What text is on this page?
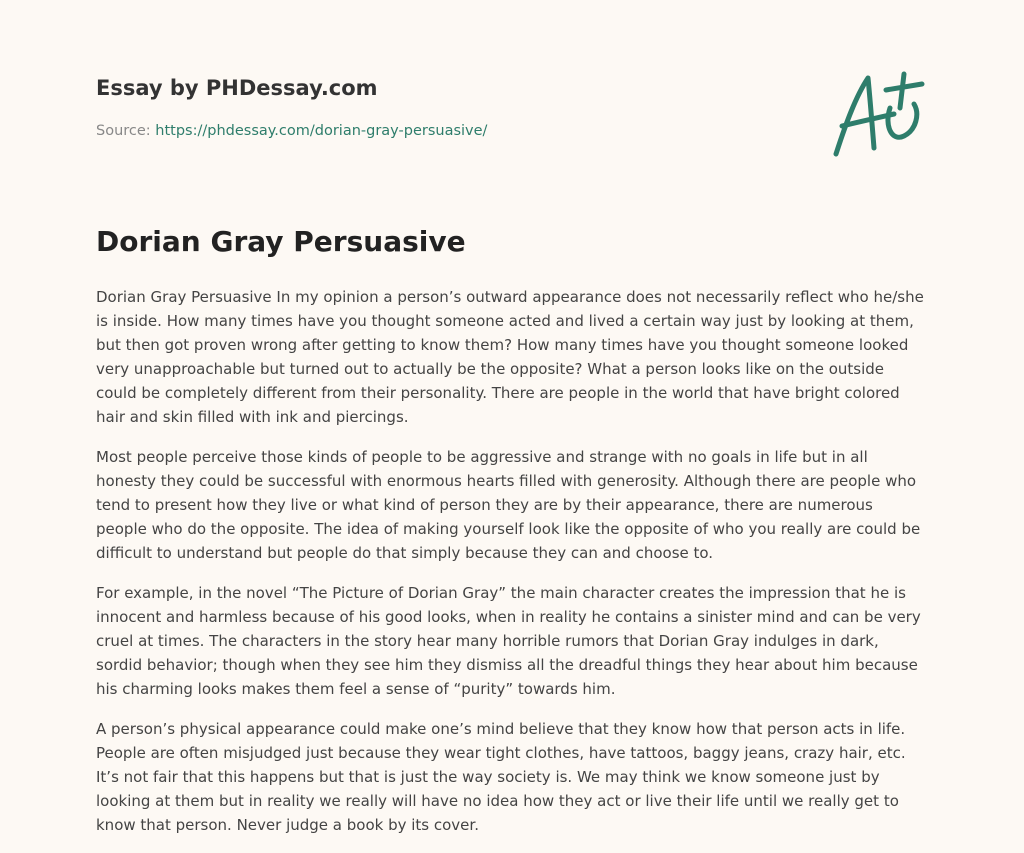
Essay by PHDessay.com
Source: https://phdessay.com/dorian-gray-persuasive/
Dorian Gray Persuasive

Dorian Gray Persuasive In my opinion a person’s outward appearance does not necessarily reflect who he/she is inside. How many times have you thought someone acted and lived a certain way just by looking at them, but then got proven wrong after getting to know them? How many times have you thought someone looked very unapproachable but turned out to actually be the opposite? What a person looks like on the outside could be completely different from their personality. There are people in the world that have bright colored hair and skin filled with ink and piercings.

Most people perceive those kinds of people to be aggressive and strange with no goals in life but in all honesty they could be successful with enormous hearts filled with generosity. Although there are people who tend to present how they live or what kind of person they are by their appearance, there are numerous people who do the opposite. The idea of making yourself look like the opposite of who you really are could be difficult to understand but people do that simply because they can and choose to.

For example, in the novel “The Picture of Dorian Gray” the main character creates the impression that he is innocent and harmless because of his good looks, when in reality he contains a sinister mind and can be very cruel at times. The characters in the story hear many horrible rumors that Dorian Gray indulges in dark, sordid behavior; though when they see him they dismiss all the dreadful things they hear about him because his charming looks makes them feel a sense of “purity” towards him.

A person’s physical appearance could make one’s mind believe that they know how that person acts in life. People are often misjudged just because they wear tight clothes, have tattoos, baggy jeans, crazy hair, etc. It’s not fair that this happens but that is just the way society is. We may think we know someone just by looking at them but in reality we really will have no idea how they act or live their life until we really get to know that person. Never judge a book by its cover.
